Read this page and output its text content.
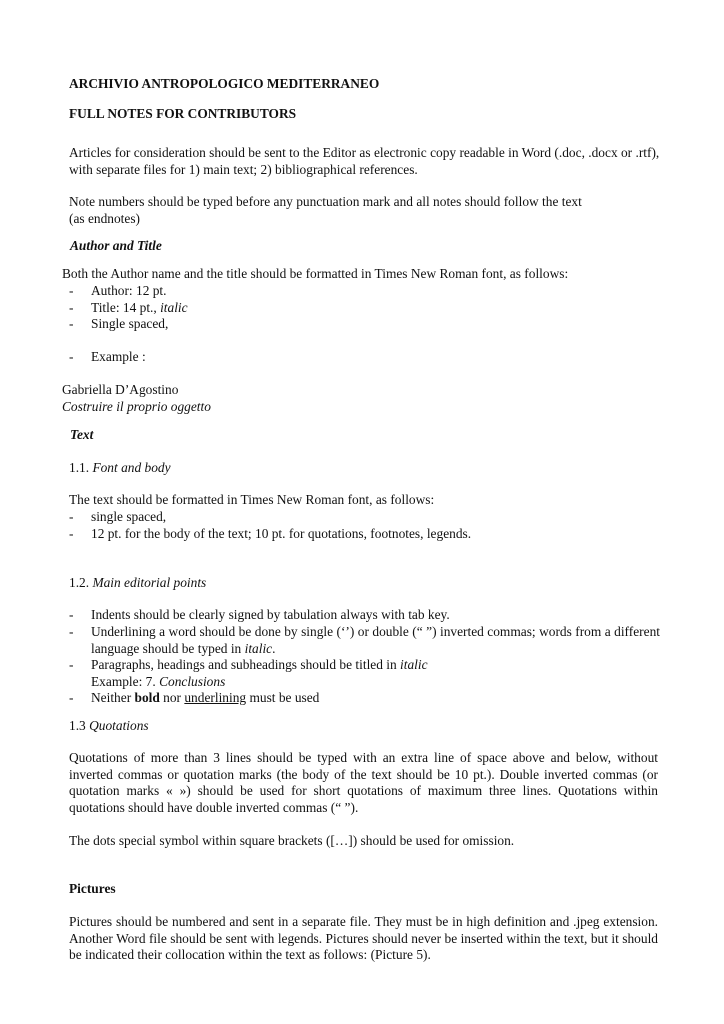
ARCHIVIO ANTROPOLOGICO MEDITERRANEO
FULL NOTES FOR CONTRIBUTORS
Articles for consideration should be sent to the Editor as electronic copy readable in Word (.doc, .docx or .rtf), with separate files for 1) main text; 2) bibliographical references.
Note numbers should be typed before any punctuation mark and all notes should follow the text
(as endnotes)
Author and Title
Both the Author name and the title should be formatted in Times New Roman font, as follows:
- Author: 12 pt.
- Title: 14 pt., italic
- Single spaced,
- Example :
Gabriella D’Agostino
Costruire il proprio oggetto
Text
1.1. Font and body
The text should be formatted in Times New Roman font, as follows:
- single spaced,
- 12 pt. for the body of the text; 10 pt. for quotations, footnotes, legends.
1.2. Main editorial points
- Indents should be clearly signed by tabulation always with tab key.
- Underlining a word should be done by single (‘’) or double (“ ”) inverted commas; words from a different language should be typed in italic.
- Paragraphs, headings and subheadings should be titled in italic
Example: 7. Conclusions
- Neither bold nor underlining must be used
1.3 Quotations
Quotations of more than 3 lines should be typed with an extra line of space above and below, without inverted commas or quotation marks (the body of the text should be 10 pt.). Double inverted commas (or quotation marks « ») should be used for short quotations of maximum three lines. Quotations within quotations should have double inverted commas (“ ”).
The dots special symbol within square brackets ([…]) should be used for omission.
Pictures
Pictures should be numbered and sent in a separate file. They must be in high definition and .jpeg extension. Another Word file should be sent with legends. Pictures should never be inserted within the text, but it should be indicated their collocation within the text as follows: (Picture 5).
